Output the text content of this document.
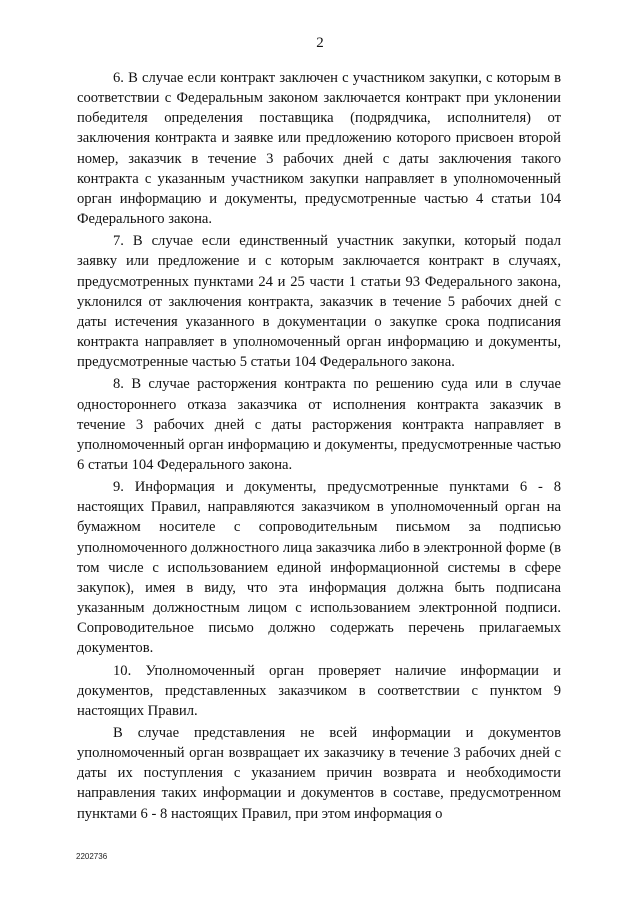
2

6. В случае если контракт заключен с участником закупки, с которым в соответствии с Федеральным законом заключается контракт при уклонении победителя определения поставщика (подрядчика, исполнителя) от заключения контракта и заявке или предложению которого присвоен второй номер, заказчик в течение 3 рабочих дней с даты заключения такого контракта с указанным участником закупки направляет в уполномоченный орган информацию и документы, предусмотренные частью 4 статьи 104 Федерального закона.

7. В случае если единственный участник закупки, который подал заявку или предложение и с которым заключается контракт в случаях, предусмотренных пунктами 24 и 25 части 1 статьи 93 Федерального закона, уклонился от заключения контракта, заказчик в течение 5 рабочих дней с даты истечения указанного в документации о закупке срока подписания контракта направляет в уполномоченный орган информацию и документы, предусмотренные частью 5 статьи 104 Федерального закона.

8. В случае расторжения контракта по решению суда или в случае одностороннего отказа заказчика от исполнения контракта заказчик в течение 3 рабочих дней с даты расторжения контракта направляет в уполномоченный орган информацию и документы, предусмотренные частью 6 статьи 104 Федерального закона.

9. Информация и документы, предусмотренные пунктами 6 - 8 настоящих Правил, направляются заказчиком в уполномоченный орган на бумажном носителе с сопроводительным письмом за подписью уполномоченного должностного лица заказчика либо в электронной форме (в том числе с использованием единой информационной системы в сфере закупок), имея в виду, что эта информация должна быть подписана указанным должностным лицом с использованием электронной подписи. Сопроводительное письмо должно содержать перечень прилагаемых документов.

10. Уполномоченный орган проверяет наличие информации и документов, представленных заказчиком в соответствии с пунктом 9 настоящих Правил.

В случае представления не всей информации и документов уполномоченный орган возвращает их заказчику в течение 3 рабочих дней с даты их поступления с указанием причин возврата и необходимости направления таких информации и документов в составе, предусмотренном пунктами 6 - 8 настоящих Правил, при этом информация о

2202736
